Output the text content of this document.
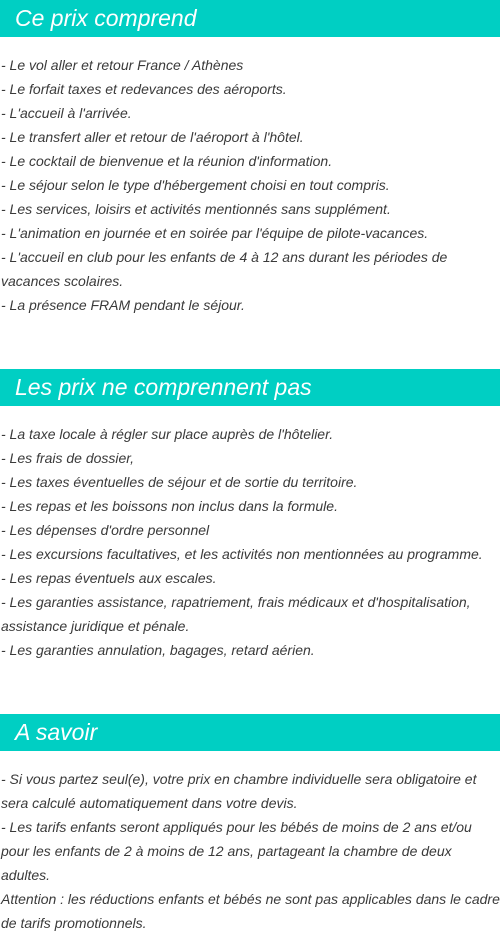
Ce prix comprend
- Le vol aller et retour France / Athènes
- Le forfait taxes et redevances des aéroports.
- L'accueil à l'arrivée.
- Le transfert aller et retour de l'aéroport à l'hôtel.
- Le cocktail de bienvenue et la réunion d'information.
- Le séjour selon le type d'hébergement choisi en tout compris.
- Les services, loisirs et activités mentionnés sans supplément.
- L'animation en journée et en soirée par l'équipe de pilote-vacances.
- L'accueil en club pour les enfants de 4 à 12 ans durant les périodes de vacances scolaires.
- La présence FRAM pendant le séjour.
Les prix ne comprennent pas
- La taxe locale à régler sur place auprès de l'hôtelier.
- Les frais de dossier,
- Les taxes éventuelles de séjour et de sortie du territoire.
- Les repas et les boissons non inclus dans la formule.
- Les dépenses d'ordre personnel
- Les excursions facultatives, et les activités non mentionnées au programme.
- Les repas éventuels aux escales.
- Les garanties assistance, rapatriement, frais médicaux et d'hospitalisation, assistance juridique et pénale.
- Les garanties annulation, bagages, retard aérien.
A savoir
- Si vous partez seul(e), votre prix en chambre individuelle sera obligatoire et sera calculé automatiquement dans votre devis.
- Les tarifs enfants seront appliqués pour les bébés de moins de 2 ans et/ou pour les enfants de 2 à moins de 12 ans, partageant la chambre de deux adultes.
Attention : les réductions enfants et bébés ne sont pas applicables dans le cadre de tarifs promotionnels.
